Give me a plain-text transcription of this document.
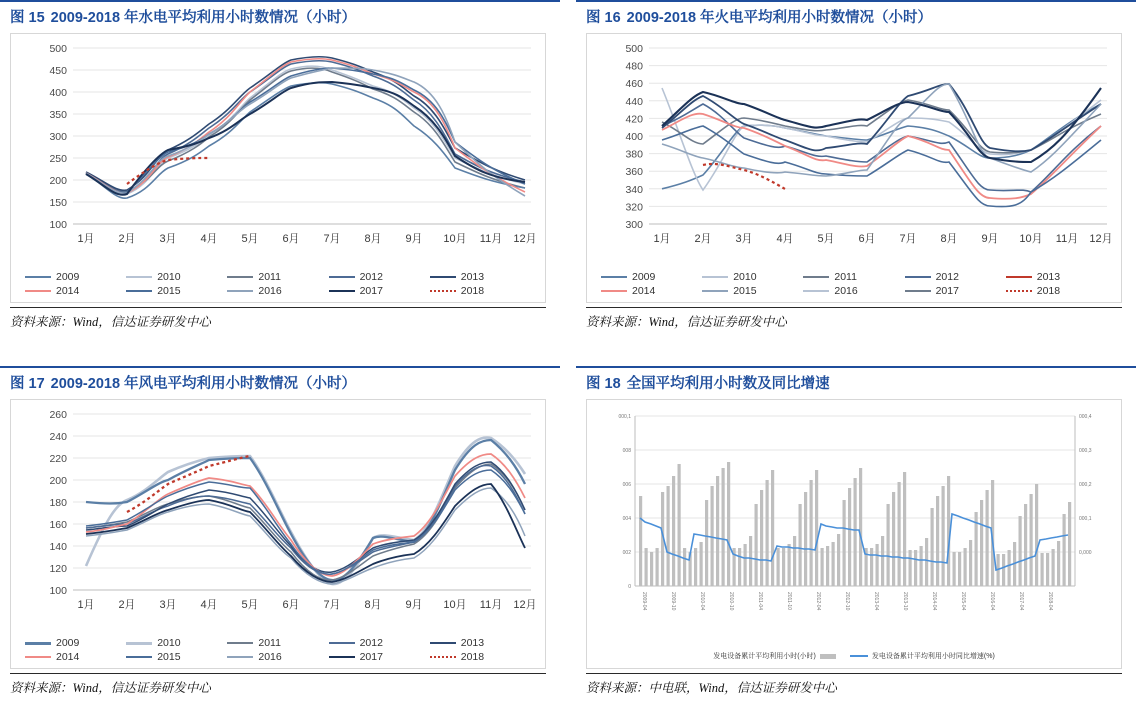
图 15 2009-2018 年水电平均利用小时数情况（小时）
500
450
400
350
300
250
200
150
100
1月 2月 3月 4月 5月 6月 7月 8月 9月 10月 11月 12月
2009	2010	2011	2012	2013
2014	2015	2016	2017	2018
资料来源：Wind，信达证券研发中心
图 16 2009-2018 年火电平均利用小时数情况（小时）
500
480
460
440
420
400
380
360
340
320
300
1月 2月 3月 4月 5月 6月 7月 8月 9月 10月 11月 12月
2009	2010	2011	2012	2013
2014	2015	2016	2017	2018
资料来源：Wind，信达证券研发中心
图 17 2009-2018 年风电平均利用小时数情况（小时）
260
240
220
200
180
160
140
120
100
1月 2月 3月 4月 5月 6月 7月 8月 9月 10月 11月 12月
2009	2010	2011	2012	2013
2014	2015	2016	2017	2018
资料来源：Wind，信达证券研发中心
图 18 全国平均利用小时数及同比增速
000,1
008
006
004
002
0
000,4
000,3
000,2
000,1
0,000
2009-04	2009-10	2010-04	2010-10	2011-04	2011-10	2012-04	2012-10	2013-04	2013-10	2014-04	2015-04	2016-04	2017-04	2018-04
发电设备累计平均利用小时(小时)	发电设备累计平均利用小时同比增速(%)
资料来源：中电联，Wind，信达证券研发中心
